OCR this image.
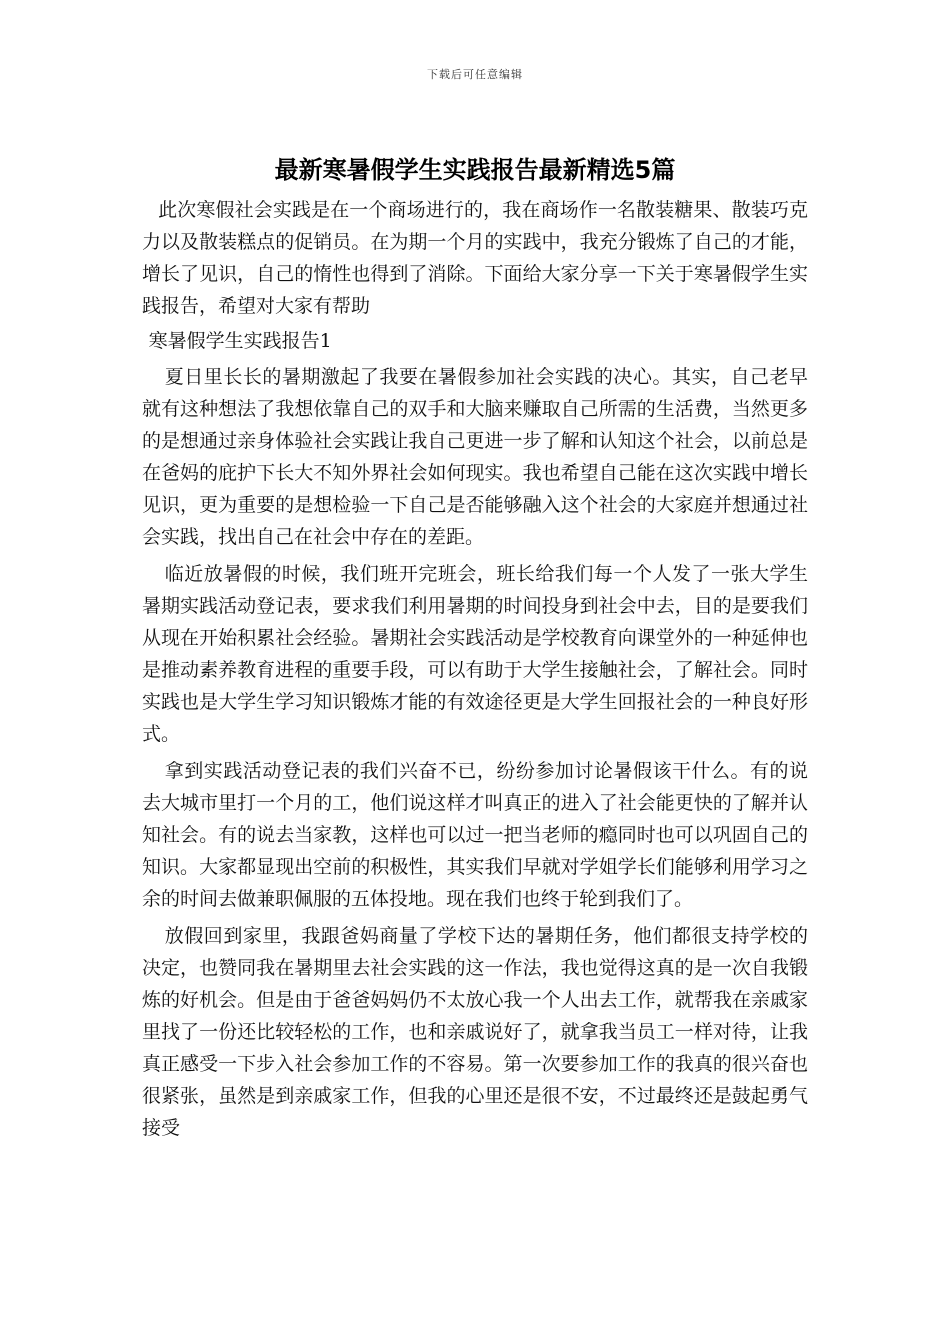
下载后可任意编辑
最新寒暑假学生实践报告最新精选5篇

此次寒假社会实践是在一个商场进行的，我在商场作一名散装糖果、散装巧克力以及散装糕点的促销员。在为期一个月的实践中，我充分锻炼了自己的才能，增长了见识，自己的惰性也得到了消除。下面给大家分享一下关于寒暑假学生实践报告，希望对大家有帮助

寒暑假学生实践报告1

夏日里长长的暑期激起了我要在暑假参加社会实践的决心。其实，自己老早就有这种想法了我想依靠自己的双手和大脑来赚取自己所需的生活费，当然更多的是想通过亲身体验社会实践让我自己更进一步了解和认知这个社会，以前总是在爸妈的庇护下长大不知外界社会如何现实。我也希望自己能在这次实践中增长见识，更为重要的是想检验一下自己是否能够融入这个社会的大家庭并想通过社会实践，找出自己在社会中存在的差距。

临近放暑假的时候，我们班开完班会，班长给我们每一个人发了一张大学生暑期实践活动登记表，要求我们利用暑期的时间投身到社会中去，目的是要我们从现在开始积累社会经验。暑期社会实践活动是学校教育向课堂外的一种延伸也是推动素养教育进程的重要手段，可以有助于大学生接触社会，了解社会。同时实践也是大学生学习知识锻炼才能的有效途径更是大学生回报社会的一种良好形式。

拿到实践活动登记表的我们兴奋不已，纷纷参加讨论暑假该干什么。有的说去大城市里打一个月的工，他们说这样才叫真正的进入了社会能更快的了解并认知社会。有的说去当家教，这样也可以过一把当老师的瘾同时也可以巩固自己的知识。大家都显现出空前的积极性，其实我们早就对学姐学长们能够利用学习之余的时间去做兼职佩服的五体投地。现在我们也终于轮到我们了。

放假回到家里，我跟爸妈商量了学校下达的暑期任务，他们都很支持学校的决定，也赞同我在暑期里去社会实践的这一作法，我也觉得这真的是一次自我锻炼的好机会。但是由于爸爸妈妈仍不太放心我一个人出去工作，就帮我在亲戚家里找了一份还比较轻松的工作，也和亲戚说好了，就拿我当员工一样对待，让我真正感受一下步入社会参加工作的不容易。第一次要参加工作的我真的很兴奋也很紧张，虽然是到亲戚家工作，但我的心里还是很不安，不过最终还是鼓起勇气接受
